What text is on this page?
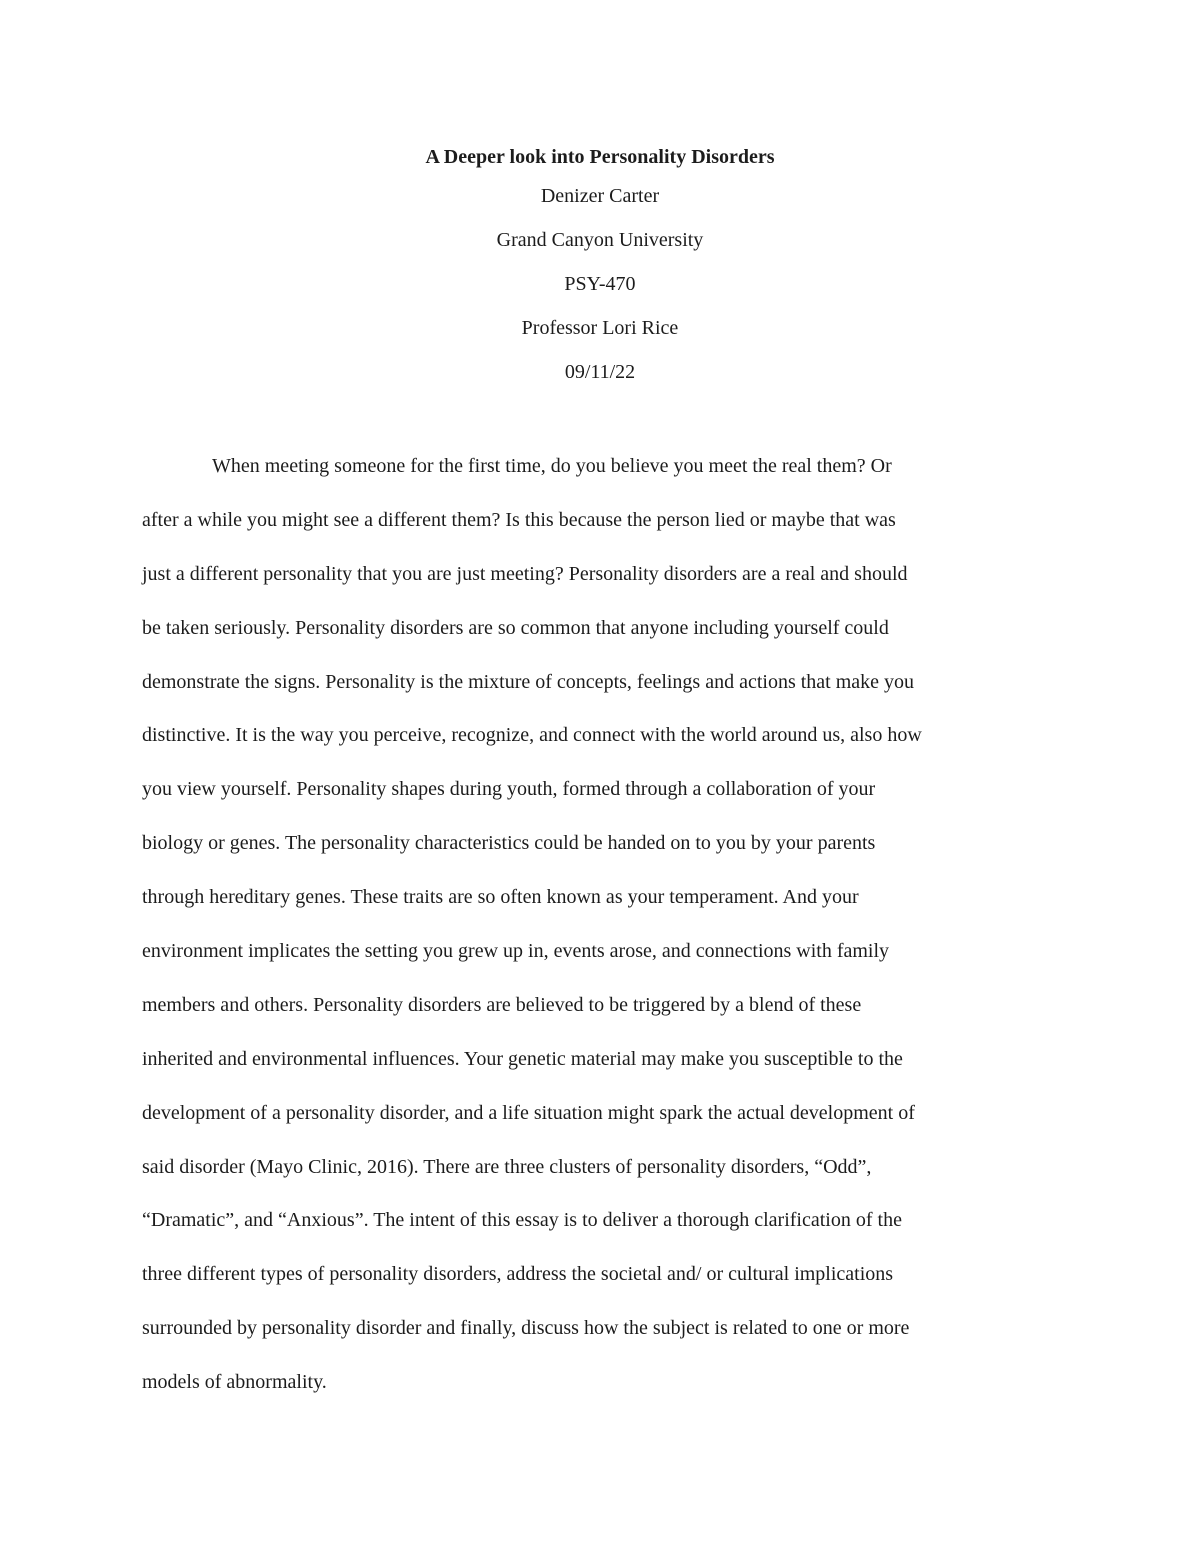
A Deeper look into Personality Disorders

Denizer Carter

Grand Canyon University

PSY-470

Professor Lori Rice

09/11/22

When meeting someone for the first time, do you believe you meet the real them? Or
after a while you might see a different them? Is this because the person lied or maybe that was
just a different personality that you are just meeting? Personality disorders are a real and should
be taken seriously. Personality disorders are so common that anyone including yourself could
demonstrate the signs. Personality is the mixture of concepts, feelings and actions that make you
distinctive. It is the way you perceive, recognize, and connect with the world around us, also how
you view yourself. Personality shapes during youth, formed through a collaboration of your
biology or genes. The personality characteristics could be handed on to you by your parents
through hereditary genes. These traits are so often known as your temperament. And your
environment implicates the setting you grew up in, events arose, and connections with family
members and others. Personality disorders are believed to be triggered by a blend of these
inherited and environmental influences. Your genetic material may make you susceptible to the
development of a personality disorder, and a life situation might spark the actual development of
said disorder (Mayo Clinic, 2016). There are three clusters of personality disorders, “Odd”,
“Dramatic”, and “Anxious”. The intent of this essay is to deliver a thorough clarification of the
three different types of personality disorders, address the societal and/ or cultural implications
surrounded by personality disorder and finally, discuss how the subject is related to one or more
models of abnormality.
